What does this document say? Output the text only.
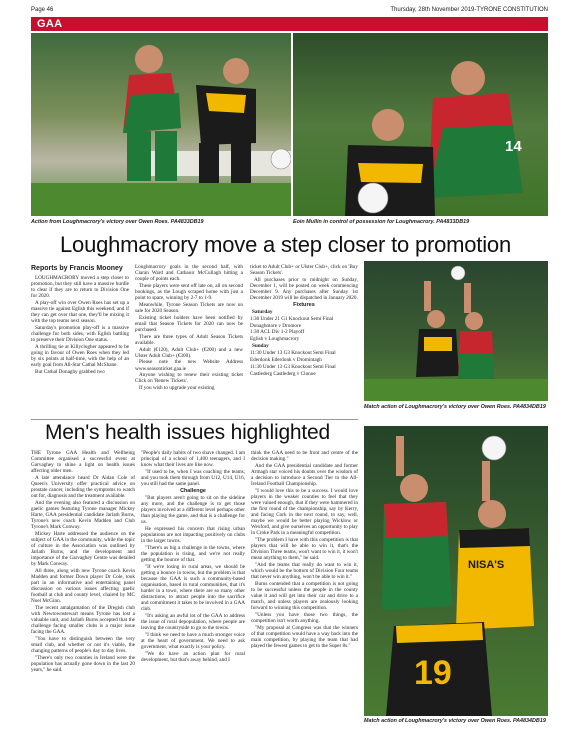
Page 46	Thursday, 28th November 2019-TYRONE CONSTITUTION
GAA
14
Action from Loughmacrory's victory over Owen Roes. PA4833DB19	Eoin Mullin in control of possession for Loughmacrory. PA4833DB19
Loughmacrory move a step closer to promotion

Reports by Francis Mooney

LOUGHMACRORY moved a step closer to promotion, but they still have a massive hurdle to clear if they are to return to Division One for 2020.

A play-off win over Owen Roes has set up a massive tie against Eglish this weekend, and if they can get over that one, they'll be mixing it with the top teams next season.

Saturday's promotion play-off is a massive challenge for both sides, with Eglish battling to preserve their Division One status.

A thrilling tie at Killyclogher appeared to be going in favour of Owen Roes when they led by six points at half-time, with the help of an early goal from All-Star Cathal McShane.

But Cathal Donaghy grabbed two

Loughmacrory goals in the second half, with Ciaran Ward and Cathaoir McCullagh hitting a couple of points each.

These players were sent off late on, all on second bookings, as the Lough scraped home with just a point to spare, winning by 2-7 to 1-9.

Meanwhile, Tyrone Season Tickets are now on sale for 2020 Season.

Existing ticket holders have been notified by email that Season Tickets for 2020 can now be purchased.

There are three types of Adult Season Tickets available.

Adult (€120), Adult Club+ (€200) and a new Ulster Adult Club+ (€300).

Please note the new Website Address www.seasonticket.gaa.ie

Anyone wishing to renew their existing ticket Click on 'Renew Tickets'.

If you wish to upgrade your existing

ticket to Adult Club+ or Ulster Club+, click on 'Buy Season Tickets'.

All purchases prior to midnight on Sunday, December 1, will be posted on week commencing December 9. Any purchases after Sunday 1st December 2019 will be dispatched in January 2020.

Fixtures

Saturday

1:30 Under 21 G1 Knockout Semi Final

Donaghmore v Dromore

1:30 ACL Div 1-2 Playoff

Eglish v Loughmacrory

Sunday

11:30 Under 13 G3 Knockout Semi Final

Ederdonk Ederdonk v Dromintagh

11:30 Under 13 G3 Knockout Semi Final

Castlederg Castlederg v Clonoe

Match action of Loughmacrory's victory over Owen Roes. PA4834DB19
Men's health issues highlighted

THE Tyrone GAA Health and Wellbeing Committee organised a successful event at Garvaghey to shine a light on health issues affecting older men.

A late attendance heard Dr Aidan Cole of Queen's University offer practical advice on prostate cancer, including the symptoms to watch out for, diagnosis and the treatment available.

And the evening also featured a discussion on gaelic games featuring Tyrone manager Mickey Harte, GAA presidential candidate Jarlath Burns, Tyrone's new coach Kevin Madden and Club Tyrone's Mark Conway.

Mickey Harte addressed the audience on the subject of GAA in the community, while the topic of culture in the Association was outlined by Jarlath Burns, and the development and importance of the Garvaghey Centre was detailed by Mark Conway.

All three, along with new Tyrone coach Kevin Madden and former Down player Dr Cole, took part in an informative and entertaining panel discussion on various issues affecting gaelic football at club and county level, chaired by MC Noel McGinn.

The recent amalgamation of the Dregish club with Newtownstewart means Tyrone has lost a valuable unit, and Jarlath Burns accepted that the challenge facing smaller clubs is a major issue facing the GAA.

"You have to distinguish between the very small club, and whether or not it's viable, the changing patterns of people's day to day lives.

"There's only two counties in Ireland were the population has actually gone down in the last 20 years," he said.

"People's daily habits of two shave changed. I am principal of a school of 1,400 teenagers, and I know what their lives are like now.

"If used to be, when I was coaching the teams, and you took them through from U12, U14, U16, you still had the same panel.

Challenge

"But players aren't going to sit on the sideline any more, and the challenge is to get those players involved at a different level perhaps other than playing the game, and that is a challenge for us.

He expressed his concern that rising urban populations are not impacting positively on clubs in the larger towns.

"There's as big a challenge in the towns, where the population is rising, and we're not really getting the bounce of that.

"If we're losing in rural areas, we should be getting a bounce in towns, but the problem is that because the GAA is such a community-based organisation, based in rural communities, that it's harder in a town, where there are so many other distractions, to attract people into the sacrifice and commitment it takes to be involved in a GAA club.

"It's asking an awful lot of the GAA to address the issue of rural depopulation, where people are leaving the countryside to go to the towns.

"I think we need to have a much stronger voice at the heart of government. We need to ask government, what exactly is your policy.

"We do have an action plan for rural development, but that's away behind, and I

think the GAA need to be front and centre of the decision making."

And the GAA presidential candidate and former Armagh star voiced his doubts over the wisdom of a decision to introduce a Second Tier to the All-Ireland Football Championship.

"I would love this to be a success. I would love players in the weaker counties to feel that they were valued enough, that if they were hammered in the first round of the championship, say by Kerry, and facing Cork in the next round, to say, well, maybe we would be better playing Wicklow or Wexford, and give ourselves an opportunity to play in Croke Park in a meaningful competition.

"The problem I have with this competition is that players that will be able to win it, that's the Division Three teams, won't want to win it, it won't mean anything to them," he said.

"And the teams that really do want to win it, which would be the bottom of Division Four teams that never win anything, won't be able to win it."

Burns contended that a competition is not going to be successful unless the people in the county value it and will get into their car and drive to a match, and unless players are zealously looking forward to winning this competition.

"Unless you have those two things, the competition isn't worth anything.

"My proposal at Congress was that the winners of that competition would have a way back into the main competition, by playing the team that had played the fewest games to get to the Super 8s."

NISA'S
19
Match action of Loughmacrory's victory over Owen Roes. PA4834DB19
